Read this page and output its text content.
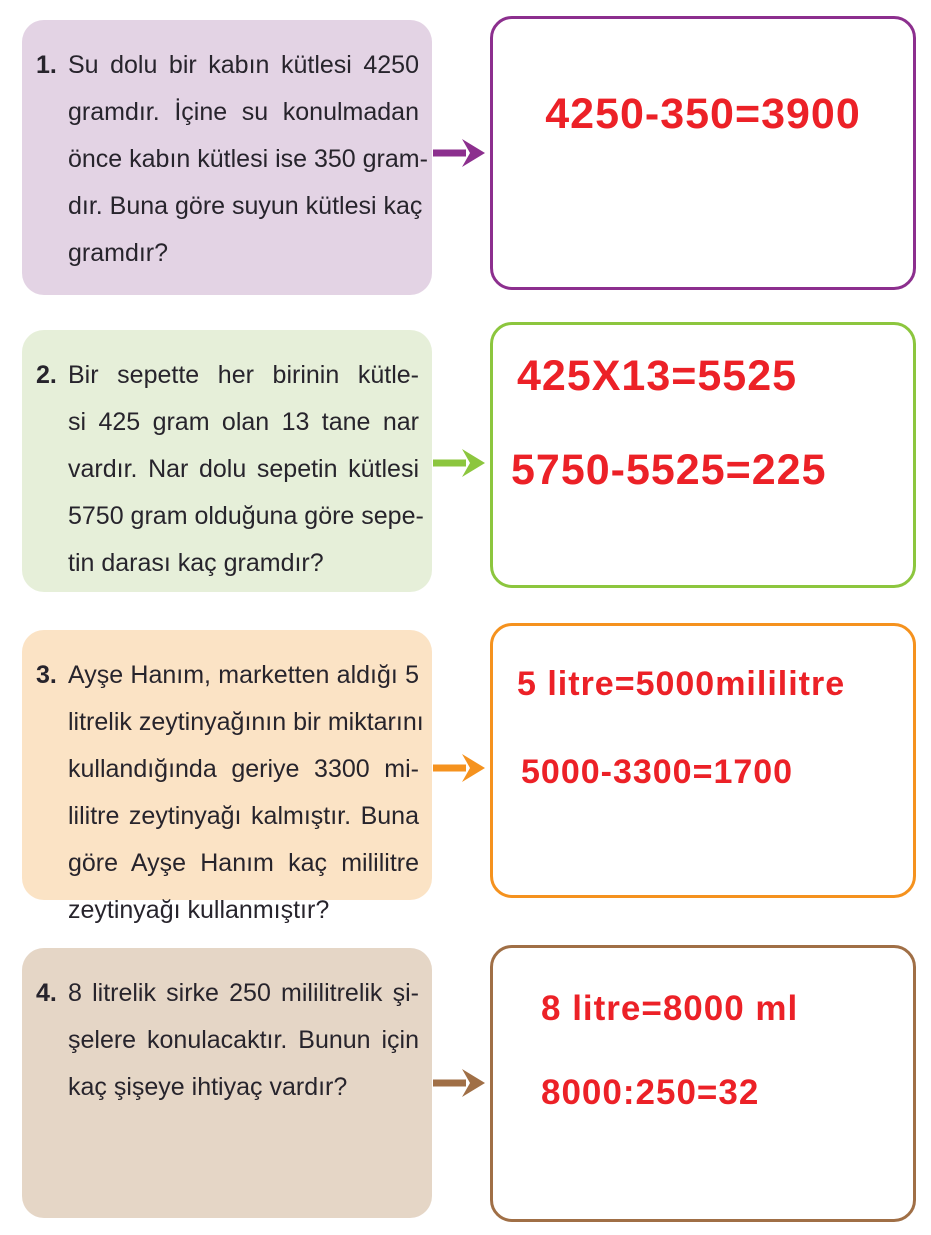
1. Su dolu bir kabın kütlesi 4250
gramdır. İçine su konulmadan
önce kabın kütlesi ise 350 gram-
dır. Buna göre suyun kütlesi kaç
gramdır?
4250-350=3900
2. Bir sepette her birinin kütle-
si 425 gram olan 13 tane nar
vardır. Nar dolu sepetin kütlesi
5750 gram olduğuna göre sepe-
tin darası kaç gramdır?
425X13=5525
5750-5525=225
3. Ayşe Hanım, marketten aldığı 5
litrelik zeytinyağının bir miktarını
kullandığında geriye 3300 mi-
lilitre zeytinyağı kalmıştır. Buna
göre Ayşe Hanım kaç mililitre
zeytinyağı kullanmıştır?
5 litre=5000mililitre
5000-3300=1700
4. 8 litrelik sirke 250 mililitrelik şi-
şelere konulacaktır. Bunun için
kaç şişeye ihtiyaç vardır?
8 litre=8000 ml
8000:250=32
